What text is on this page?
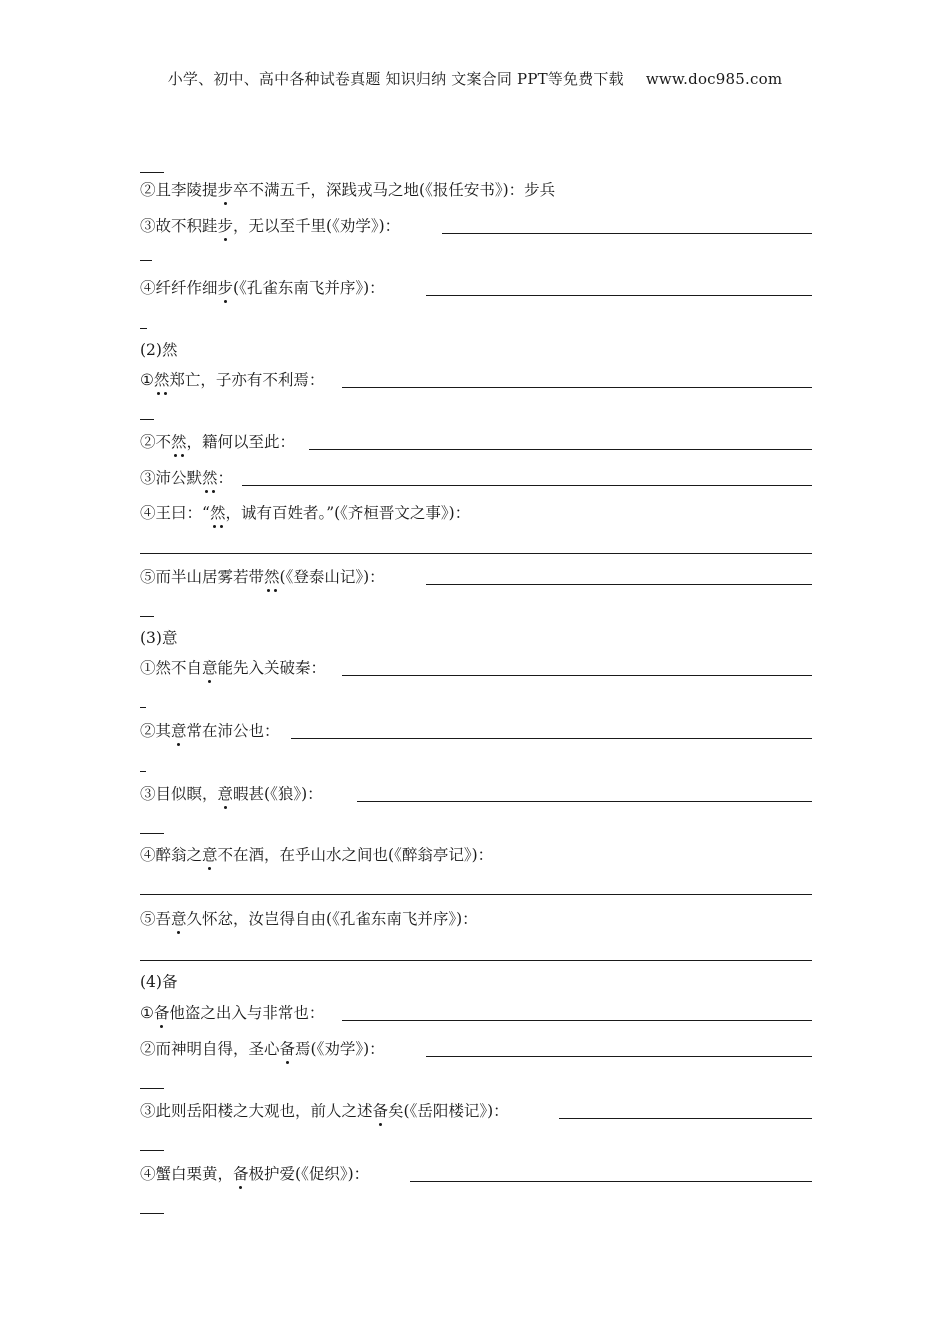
小学、初中、高中各种试卷真题 知识归纳 文案合同 PPT等免费下载 www.doc985.com
②且李陵提步卒不满五千，深践戎马之地(《报任安书》)：步兵
③故不积跬步，无以至千里(《劝学》)：
④纤纤作细步(《孔雀东南飞并序》)：
(2)然
①然郑亡，子亦有不利焉：
②不然，籍何以至此：
③沛公默然：
④王曰：“然，诚有百姓者。”(《齐桓晋文之事》)：
⑤而半山居雾若带然(《登泰山记》)：
(3)意
①然不自意能先入关破秦：
②其意常在沛公也：
③目似瞑，意暇甚(《狼》)：
④醉翁之意不在酒，在乎山水之间也(《醉翁亭记》)：
⑤吾意久怀忿，汝岂得自由(《孔雀东南飞并序》)：
(4)备
①备他盗之出入与非常也：
②而神明自得，圣心备焉(《劝学》)：
③此则岳阳楼之大观也，前人之述备矣(《岳阳楼记》)：
④蟹白栗黄，备极护爱(《促织》)：
